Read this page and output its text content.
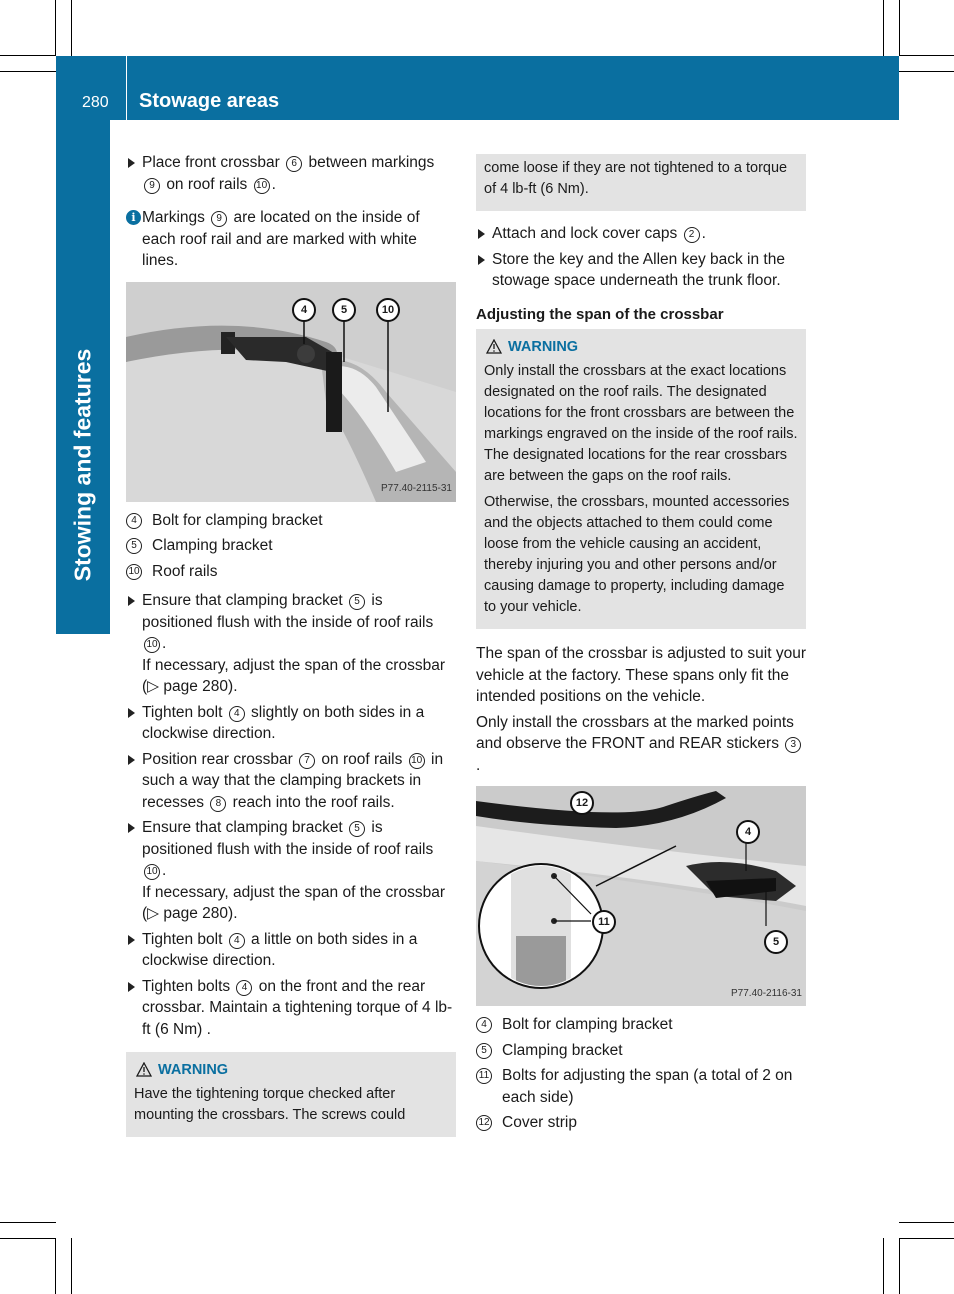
280 Stowage areas
Stowing and features
Place front crossbar 6 between markings 9 on roof rails 10 .
i Markings 9 are located on the inside of each roof rail and are marked with white lines.
4	5	10
P77.40-2115-31
4 Bolt for clamping bracket
5 Clamping bracket
10 Roof rails
Ensure that clamping bracket 5 is positioned flush with the inside of roof rails 10 .
If necessary, adjust the span of the crossbar (▷ page 280).
Tighten bolt 4 slightly on both sides in a clockwise direction.
Position rear crossbar 7 on roof rails 10 in such a way that the clamping brackets in recesses 8 reach into the roof rails.
Ensure that clamping bracket 5 is positioned flush with the inside of roof rails 10 .
If necessary, adjust the span of the crossbar (▷ page 280).
Tighten bolt 4 a little on both sides in a clockwise direction.
Tighten bolts 4 on the front and the rear crossbar. Maintain a tightening torque of 4 lb-ft (6 Nm) .
WARNING

Have the tightening torque checked after mounting the crossbars. The screws could

come loose if they are not tightened to a torque of 4 lb-ft (6 Nm).

Attach and lock cover caps 2 .
Store the key and the Allen key back in the stowage space underneath the trunk floor.
Adjusting the span of the crossbar
WARNING

Only install the crossbars at the exact locations designated on the roof rails. The designated locations for the front crossbars are between the markings engraved on the inside of the roof rails. The designated locations for the rear crossbars are between the gaps on the roof rails.

Otherwise, the crossbars, mounted accessories and the objects attached to them could come loose from the vehicle causing an accident, thereby injuring you and other persons and/or causing damage to property, including damage to your vehicle.

The span of the crossbar is adjusted to suit your vehicle at the factory. These spans only fit the intended positions on the vehicle.
Only install the crossbars at the marked points and observe the FRONT and REAR stickers 3.
12
4
11
5
P77.40-2116-31
4 Bolt for clamping bracket
5 Clamping bracket
11 Bolts for adjusting the span (a total of 2 on each side)
12 Cover strip
